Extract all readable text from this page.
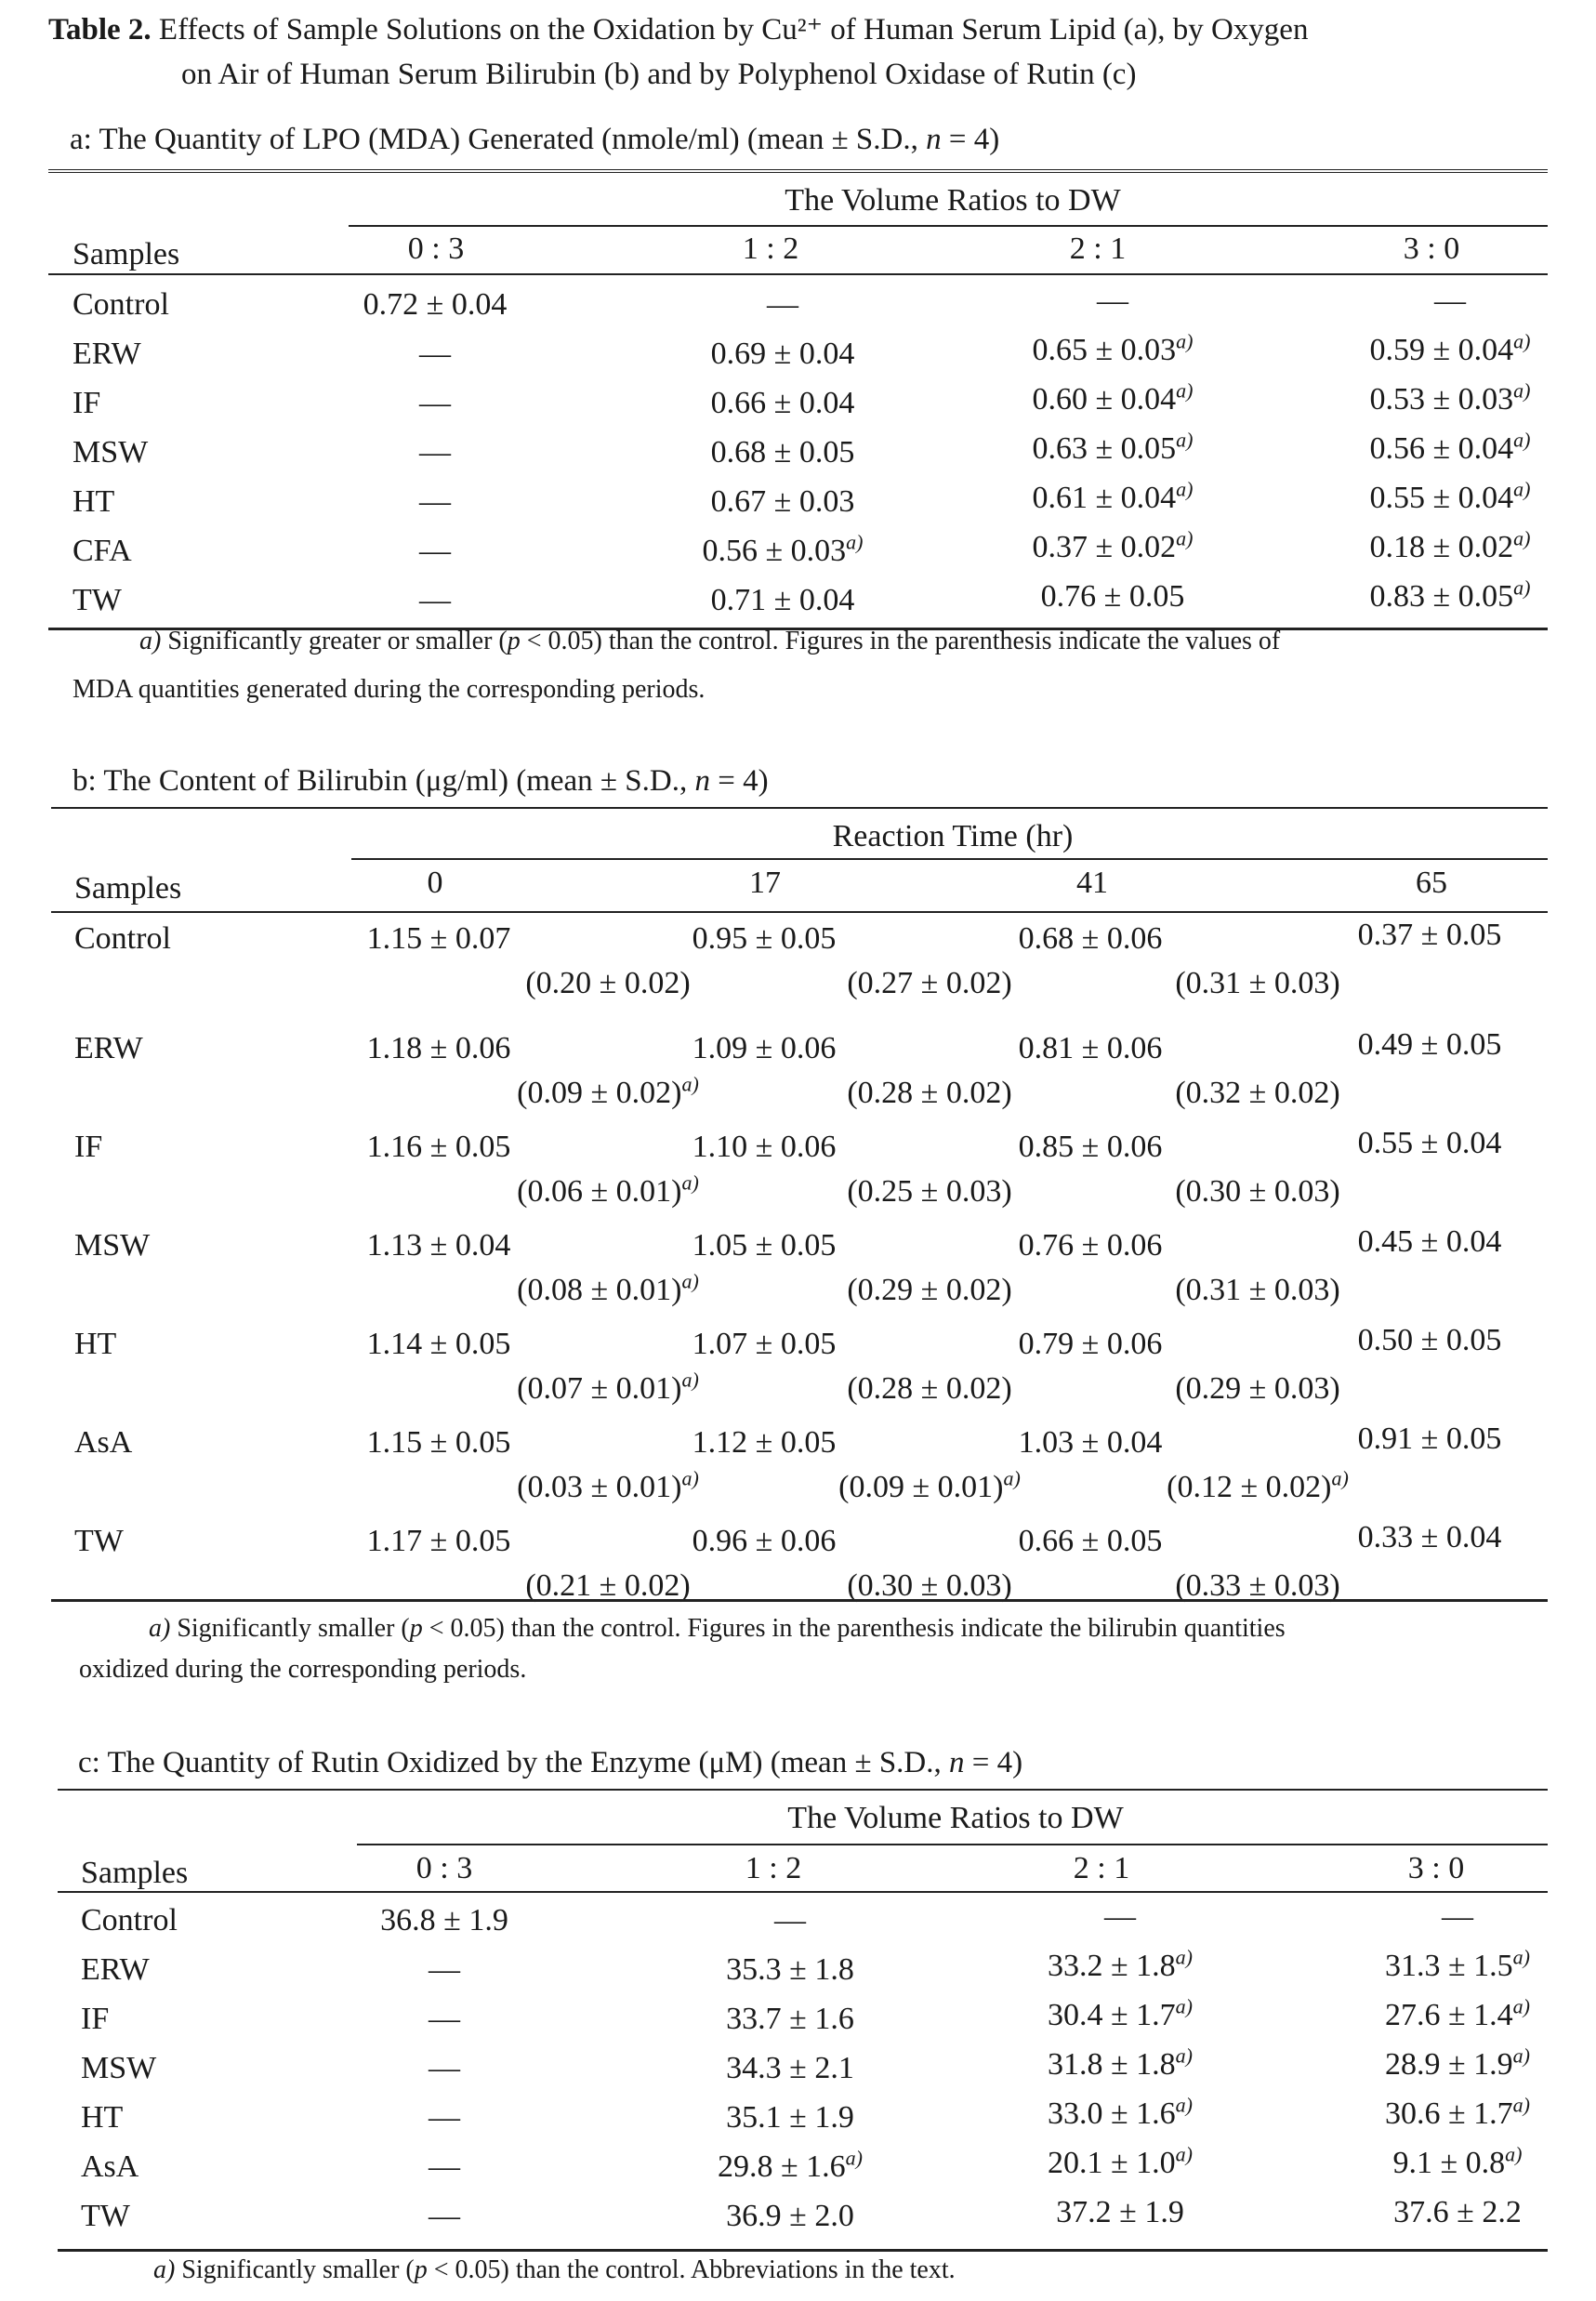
Table 2. Effects of Sample Solutions on the Oxidation by Cu²⁺ of Human Serum Lipid (a), by Oxygen
on Air of Human Serum Bilirubin (b) and by Polyphenol Oxidase of Rutin (c)
a: The Quantity of LPO (MDA) Generated (nmole/ml) (mean ± S.D., n = 4)
The Volume Ratios to DW
Samples	0 : 3	1 : 2	2 : 1	3 : 0
Control	0.72 ± 0.04	—	—	—
ERW	—	0.69 ± 0.04	$0.65 \pm 0.03^{a)}$	$0.59 \pm 0.04^{a)}$
IF	—	0.66 ± 0.04	$0.60 \pm 0.04^{a)}$	$0.53 \pm 0.03^{a)}$
MSW	—	0.68 ± 0.05	$0.63 \pm 0.05^{a)}$	$0.56 \pm 0.04^{a)}$
HT	—	0.67 ± 0.03	$0.61 \pm 0.04^{a)}$	$0.55 \pm 0.04^{a)}$
CFA	—	$0.56 \pm 0.03^{a)}$	$0.37 \pm 0.02^{a)}$	$0.18 \pm 0.02^{a)}$
TW	—	0.71 ± 0.04	0.76 ± 0.05	$0.83 \pm 0.05^{a)}$
a) Significantly greater or smaller (p < 0.05) than the control. Figures in the parenthesis indicate the values of
MDA quantities generated during the corresponding periods.
b: The Content of Bilirubin (μg/ml) (mean ± S.D., n = 4)
Reaction Time (hr)
Samples	0	17	41	65
Control	1.15 ± 0.07	0.95 ± 0.05	0.68 ± 0.06	0.37 ± 0.05
(0.20 ± 0.02)	(0.27 ± 0.02)	(0.31 ± 0.03)
ERW	1.18 ± 0.06	1.09 ± 0.06	0.81 ± 0.06	0.49 ± 0.05
$(0.09 \pm 0.02)^{a)}$	(0.28 ± 0.02)	(0.32 ± 0.02)
IF	1.16 ± 0.05	1.10 ± 0.06	0.85 ± 0.06	0.55 ± 0.04
$(0.06 \pm 0.01)^{a)}$	(0.25 ± 0.03)	(0.30 ± 0.03)
MSW	1.13 ± 0.04	1.05 ± 0.05	0.76 ± 0.06	0.45 ± 0.04
$(0.08 \pm 0.01)^{a)}$	(0.29 ± 0.02)	(0.31 ± 0.03)
HT	1.14 ± 0.05	1.07 ± 0.05	0.79 ± 0.06	0.50 ± 0.05
$(0.07 \pm 0.01)^{a)}$	(0.28 ± 0.02)	(0.29 ± 0.03)
AsA	1.15 ± 0.05	1.12 ± 0.05	1.03 ± 0.04	0.91 ± 0.05
$(0.03 \pm 0.01)^{a)}$	$(0.09 \pm 0.01)^{a)}$	$(0.12 \pm 0.02)^{a)}$
TW	1.17 ± 0.05	0.96 ± 0.06	0.66 ± 0.05	0.33 ± 0.04
(0.21 ± 0.02)	(0.30 ± 0.03)	(0.33 ± 0.03)
a) Significantly smaller (p < 0.05) than the control. Figures in the parenthesis indicate the bilirubin quantities
oxidized during the corresponding periods.
c: The Quantity of Rutin Oxidized by the Enzyme (μM) (mean ± S.D., n = 4)
The Volume Ratios to DW
Samples	0 : 3	1 : 2	2 : 1	3 : 0
Control	36.8 ± 1.9	—	—	—
ERW	—	35.3 ± 1.8	$33.2 \pm 1.8^{a)}$	$31.3 \pm 1.5^{a)}$
IF	—	33.7 ± 1.6	$30.4 \pm 1.7^{a)}$	$27.6 \pm 1.4^{a)}$
MSW	—	34.3 ± 2.1	$31.8 \pm 1.8^{a)}$	$28.9 \pm 1.9^{a)}$
HT	—	35.1 ± 1.9	$33.0 \pm 1.6^{a)}$	$30.6 \pm 1.7^{a)}$
AsA	—	$29.8 \pm 1.6^{a)}$	$20.1 \pm 1.0^{a)}$	$9.1 \pm 0.8^{a)}$
TW	—	36.9 ± 2.0	37.2 ± 1.9	37.6 ± 2.2
a) Significantly smaller (p < 0.05) than the control. Abbreviations in the text.
